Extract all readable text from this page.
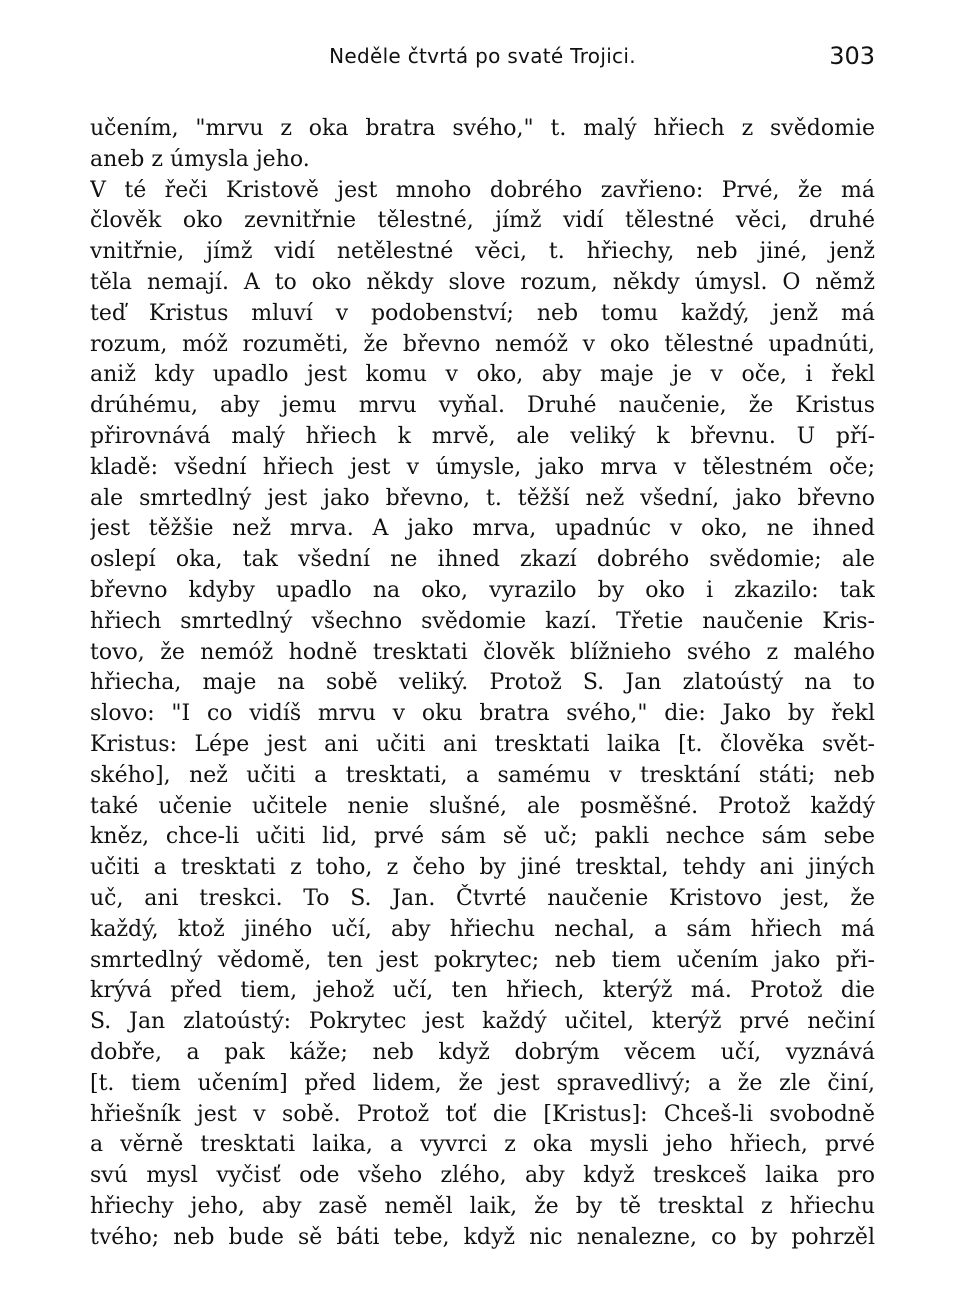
Neděle čtvrtá po svaté Trojici.	303
učením, "mrvu z oka bratra svého," t. malý hřiech z svědomie
aneb z úmysla jeho.
V té řeči Kristově jest mnoho dobrého zavřieno: Prvé, že má
člověk oko zevnitřnie tělestné, jímž vidí tělestné věci, druhé
vnitřnie, jímž vidí netělestné věci, t. hřiechy, neb jiné, jenž
těla nemají. A to oko někdy slove rozum, někdy úmysl. O němž
teď Kristus mluví v podobenství; neb tomu každý, jenž má
rozum, móž rozuměti, že břevno nemóž v oko tělestné upadnúti,
aniž kdy upadlo jest komu v oko, aby maje je v oče, i řekl
drúhému, aby jemu mrvu vyňal. Druhé naučenie, že Kristus
přirovnává malý hřiech k mrvě, ale veliký k břevnu. U pří-
kladě: všední hřiech jest v úmysle, jako mrva v tělestném oče;
ale smrtedlný jest jako břevno, t. těžší než všední, jako břevno
jest těžšie než mrva. A jako mrva, upadnúc v oko, ne ihned
oslepí oka, tak všední ne ihned zkazí dobrého svědomie; ale
břevno kdyby upadlo na oko, vyrazilo by oko i zkazilo: tak
hřiech smrtedlný všechno svědomie kazí. Třetie naučenie Kris-
tovo, že nemóž hodně tresktati člověk blížnieho svého z malého
hřiecha, maje na sobě veliký. Protož S. Jan zlatoústý na to
slovo: "I co vidíš mrvu v oku bratra svého," die: Jako by řekl
Kristus: Lépe jest ani učiti ani tresktati laika [t. člověka svět-
ského], než učiti a tresktati, a samému v tresktání státi; neb
také učenie učitele nenie slušné, ale posměšné. Protož každý
kněz, chce-li učiti lid, prvé sám sě uč; pakli nechce sám sebe
učiti a tresktati z toho, z čeho by jiné tresktal, tehdy ani jiných
uč, ani treskci. To S. Jan. Čtvrté naučenie Kristovo jest, že
každý, ktož jiného učí, aby hřiechu nechal, a sám hřiech má
smrtedlný vědomě, ten jest pokrytec; neb tiem učením jako při-
krývá před tiem, jehož učí, ten hřiech, kterýž má. Protož die
S. Jan zlatoústý: Pokrytec jest každý učitel, kterýž prvé nečiní
dobře, a pak káže; neb když dobrým věcem učí, vyznává
[t. tiem učením] před lidem, že jest spravedlivý; a že zle činí,
hřiešník jest v sobě. Protož toť die [Kristus]: Chceš-li svobodně
a věrně tresktati laika, a vyvrci z oka mysli jeho hřiech, prvé
svú mysl vyčisť ode všeho zlého, aby když treskceš laika pro
hřiechy jeho, aby zasě neměl laik, že by tě tresktal z hřiechu
tvého; neb bude sě báti tebe, když nic nenalezne, co by pohrzěl
